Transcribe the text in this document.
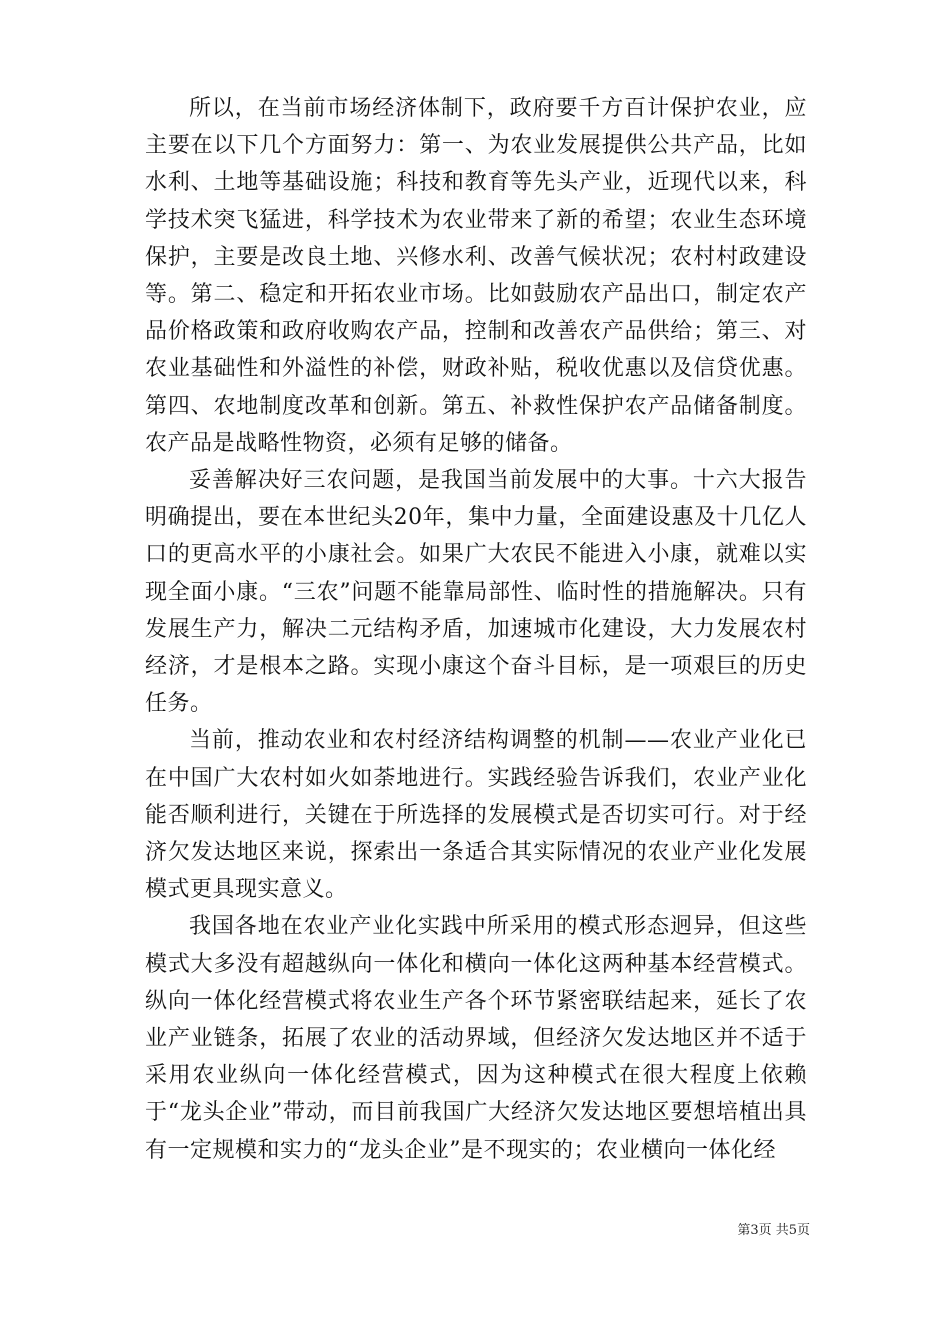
所以，在当前市场经济体制下，政府要千方百计保护农业，应主要在以下几个方面努力：第一、为农业发展提供公共产品，比如水利、土地等基础设施；科技和教育等先头产业，近现代以来，科学技术突飞猛进，科学技术为农业带来了新的希望；农业生态环境保护，主要是改良土地、兴修水利、改善气候状况；农村村政建设等。第二、稳定和开拓农业市场。比如鼓励农产品出口，制定农产品价格政策和政府收购农产品，控制和改善农产品供给；第三、对农业基础性和外溢性的补偿，财政补贴，税收优惠以及信贷优惠。第四、农地制度改革和创新。第五、补救性保护农产品储备制度。农产品是战略性物资，必须有足够的储备。

妥善解决好三农问题，是我国当前发展中的大事。十六大报告明确提出，要在本世纪头20年，集中力量，全面建设惠及十几亿人口的更高水平的小康社会。如果广大农民不能进入小康，就难以实现全面小康。“三农”问题不能靠局部性、临时性的措施解决。只有发展生产力，解决二元结构矛盾，加速城市化建设，大力发展农村经济，才是根本之路。实现小康这个奋斗目标，是一项艰巨的历史任务。

当前，推动农业和农村经济结构调整的机制——农业产业化已在中国广大农村如火如荼地进行。实践经验告诉我们，农业产业化能否顺利进行，关键在于所选择的发展模式是否切实可行。对于经济欠发达地区来说，探索出一条适合其实际情况的农业产业化发展模式更具现实意义。

我国各地在农业产业化实践中所采用的模式形态迥异，但这些模式大多没有超越纵向一体化和横向一体化这两种基本经营模式。纵向一体化经营模式将农业生产各个环节紧密联结起来，延长了农业产业链条，拓展了农业的活动界域，但经济欠发达地区并不适于采用农业纵向一体化经营模式，因为这种模式在很大程度上依赖于“龙头企业”带动，而目前我国广大经济欠发达地区要想培植出具有一定规模和实力的“龙头企业”是不现实的；农业横向一体化经

第3页 共5页
